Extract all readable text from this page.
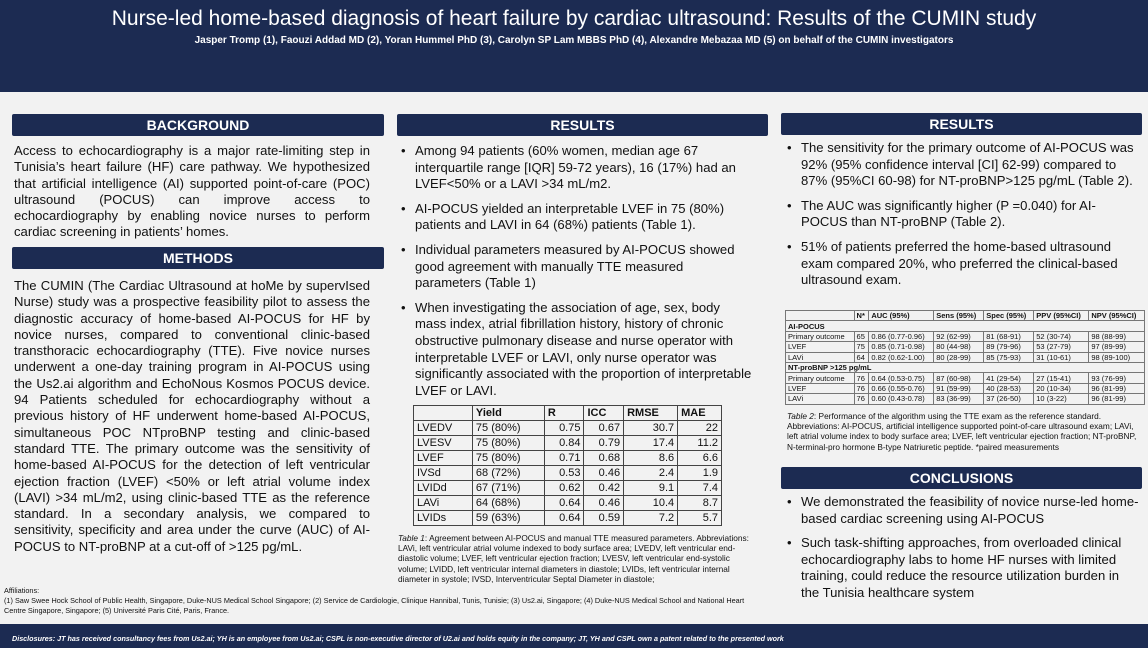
Nurse-led home-based diagnosis of heart failure by cardiac ultrasound: Results of the CUMIN study
Jasper Tromp (1), Faouzi Addad MD (2), Yoran Hummel PhD (3), Carolyn SP Lam MBBS PhD (4), Alexandre Mebazaa MD (5) on behalf of the CUMIN investigators
BACKGROUND
Access to echocardiography is a major rate-limiting step in Tunisia’s heart failure (HF) care pathway. We hypothesized that artificial intelligence (AI) supported point-of-care (POC) ultrasound (POCUS) can improve access to echocardiography by enabling novice nurses to perform cardiac screening in patients’ homes.
METHODS
The CUMIN (The Cardiac Ultrasound at hoMe by supervIsed Nurse) study was a prospective feasibility pilot to assess the diagnostic accuracy of home-based AI-POCUS for HF by novice nurses, compared to conventional clinic-based transthoracic echocardiography (TTE). Five novice nurses underwent a one-day training program in AI-POCUS using the Us2.ai algorithm and EchoNous Kosmos POCUS device. 94 Patients scheduled for echocardiography without a previous history of HF underwent home-based AI-POCUS, simultaneous POC NTproBNP testing and clinic-based standard TTE. The primary outcome was the sensitivity of home-based AI-POCUS for the detection of left ventricular ejection fraction (LVEF) <50% or left atrial volume index (LAVI) >34 mL/m2, using clinic-based TTE as the reference standard. In a secondary analysis, we compared to sensitivity, specificity and area under the curve (AUC) of AI-POCUS to NT-proBNP at a cut-off of >125 pg/mL.
Affiliations:
(1) Saw Swee Hock School of Public Health, Singapore, Duke-NUS Medical School Singapore; (2) Service de Cardiologie, Clinique Hannibal, Tunis, Tunisie; (3) Us2.ai, Singapore; (4) Duke-NUS Medical School and National Heart Centre Singapore, Singapore; (5) Université Paris Cité, Paris, France.
RESULTS
• Among 94 patients (60% women, median age 67 interquartile range [IQR] 59-72 years), 16 (17%) had an LVEF<50% or a LAVI >34 mL/m2.
• AI-POCUS yielded an interpretable LVEF in 75 (80%) patients and LAVI in 64 (68%) patients (Table 1).
• Individual parameters measured by AI-POCUS showed good agreement with manually TTE measured parameters (Table 1)
• When investigating the association of age, sex, body mass index, atrial fibrillation history, history of chronic obstructive pulmonary disease and nurse operator with interpretable LVEF or LAVI, only nurse operator was significantly associated with the proportion of interpretable LVEF or LAVI.
	Yield	R	ICC	RMSE	MAE
LVEDV	75 (80%)	0.75	0.67	30.7	22
LVESV	75 (80%)	0.84	0.79	17.4	11.2
LVEF	75 (80%)	0.71	0.68	8.6	6.6
IVSd	68 (72%)	0.53	0.46	2.4	1.9
LVIDd	67 (71%)	0.62	0.42	9.1	7.4
LAVi	64 (68%)	0.64	0.46	10.4	8.7
LVIDs	59 (63%)	0.64	0.59	7.2	5.7
Table 1: Agreement between AI-POCUS and manual TTE measured parameters. Abbreviations: LAVi, left ventricular atrial volume indexed to body surface area; LVEDV, left ventricular end-diastolic volume; LVEF, left ventricular ejection fraction; LVESV, left ventricular end-systolic volume; LVIDD, left ventricular internal diameters in diastole; LVIDs, left ventricular internal diameter in systole; IVSD, Interventricular Septal Diameter in diastole;
RESULTS
• The sensitivity for the primary outcome of AI-POCUS was 92% (95% confidence interval [CI] 62-99) compared to 87% (95%CI 60-98) for NT-proBNP>125 pg/mL (Table 2).
• The AUC was significantly higher (P =0.040) for AI-POCUS than NT-proBNP (Table 2).
• 51% of patients preferred the home-based ultrasound exam compared 20%, who preferred the clinical-based ultrasound exam.
	N*	AUC (95%)	Sens (95%)	Spec (95%)	PPV (95%CI)	NPV (95%CI)
AI-POCUS						
Primary outcome	65	0.86 (0.77-0.96)	92 (62-99)	81 (68-91)	52 (30-74)	98 (88-99)
LVEF	75	0.85 (0.71-0.98)	80 (44-98)	89 (79-96)	53 (27-79)	97 (89-99)
LAVi	64	0.82 (0.62-1.00)	80 (28-99)	85 (75-93)	31 (10-61)	98 (89-100)
NT-proBNP >125 pg/mL						
Primary outcome	76	0.64 (0.53-0.75)	87 (60-98)	41 (29-54)	27 (15-41)	93 (76-99)
LVEF	76	0.66 (0.55-0.76)	91 (59-99)	40 (28-53)	20 (10-34)	96 (81-99)
LAVi	76	0.60 (0.43-0.78)	83 (36-99)	37 (26-50)	10 (3-22)	96 (81-99)
Table 2: Performance of the algorithm using the TTE exam as the reference standard. Abbreviations: AI-POCUS, artificial intelligence supported point-of-care ultrasound exam; LAVi, left atrial volume index to body surface area; LVEF, left ventricular ejection fraction; NT-proBNP, N-terminal-pro hormone B-type Natriuretic peptide. *paired measurements
CONCLUSIONS
• We demonstrated the feasibility of novice nurse-led home-based cardiac screening using AI-POCUS
• Such task-shifting approaches, from overloaded clinical echocardiography labs to home HF nurses with limited training, could reduce the resource utilization burden in the Tunisia healthcare system
Disclosures: JT has received consultancy fees from Us2.ai; YH is an employee from Us2.ai; CSPL is non-executive director of U2.ai and holds equity in the company; JT, YH and CSPL own a patent related to the presented work
